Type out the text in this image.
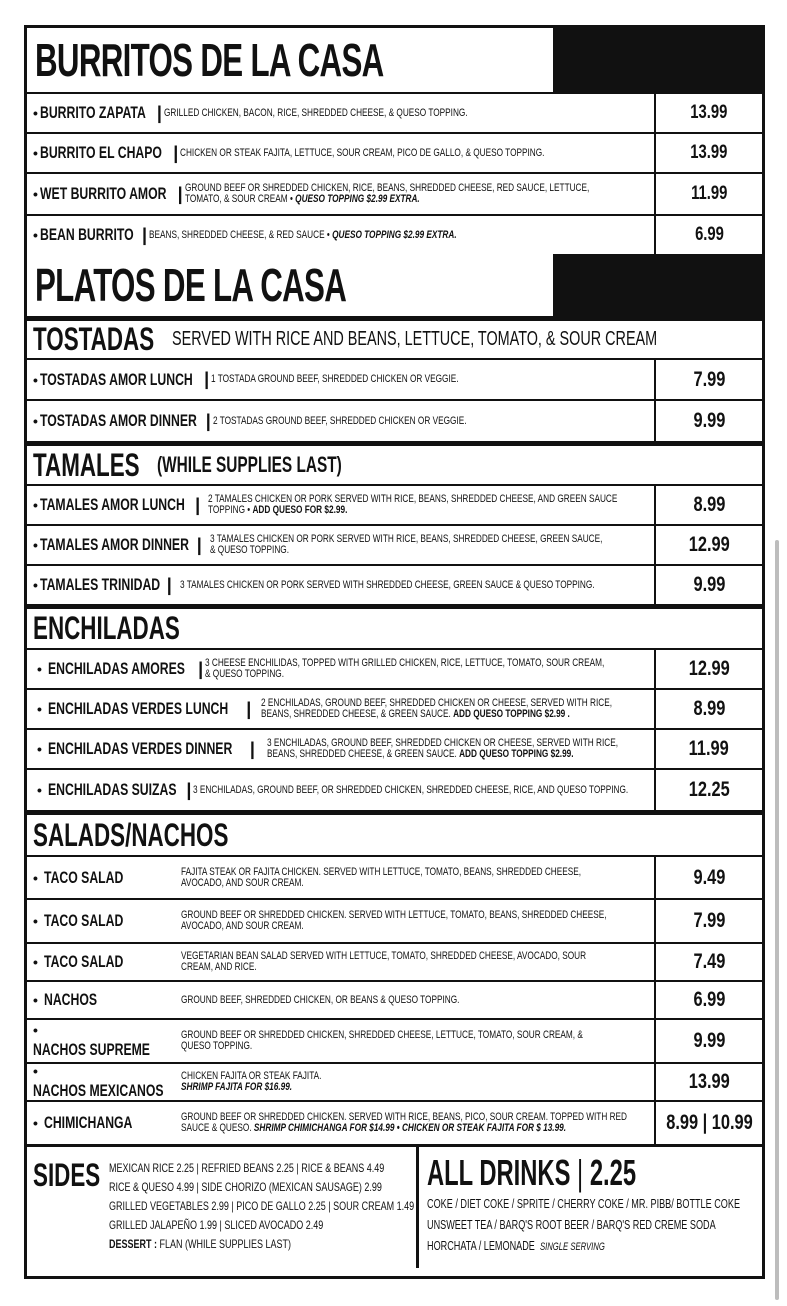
BURRITOS DE LA CASA
• BURRITO ZAPATA | GRILLED CHICKEN, BACON, RICE, SHREDDED CHEESE, & QUESO TOPPING.	13.99
• BURRITO EL CHAPO | CHICKEN OR STEAK FAJITA, LETTUCE, SOUR CREAM, PICO DE GALLO, & QUESO TOPPING.	13.99
• WET BURRITO AMOR | GROUND BEEF OR SHREDDED CHICKEN, RICE, BEANS, SHREDDED CHEESE, RED SAUCE, LETTUCE,
TOMATO, & SOUR CREAM • QUESO TOPPING $2.99 EXTRA.	11.99
• BEAN BURRITO | BEANS, SHREDDED CHEESE, & RED SAUCE • QUESO TOPPING $2.99 EXTRA.	6.99
PLATOS DE LA CASA
TOSTADAS SERVED WITH RICE AND BEANS, LETTUCE, TOMATO, & SOUR CREAM
• TOSTADAS AMOR LUNCH | 1 TOSTADA GROUND BEEF, SHREDDED CHICKEN OR VEGGIE.	7.99
• TOSTADAS AMOR DINNER | 2 TOSTADAS GROUND BEEF, SHREDDED CHICKEN OR VEGGIE.	9.99
TAMALES (WHILE SUPPLIES LAST)
• TAMALES AMOR LUNCH | 2 TAMALES CHICKEN OR PORK SERVED WITH RICE, BEANS, SHREDDED CHEESE, AND GREEN SAUCE
TOPPING • ADD QUESO FOR $2.99.	8.99
• TAMALES AMOR DINNER | 3 TAMALES CHICKEN OR PORK SERVED WITH RICE, BEANS, SHREDDED CHEESE, GREEN SAUCE,
& QUESO TOPPING.	12.99
• TAMALES TRINIDAD | 3 TAMALES CHICKEN OR PORK SERVED WITH SHREDDED CHEESE, GREEN SAUCE & QUESO TOPPING.	9.99
ENCHILADAS
• ENCHILADAS AMORES | 3 CHEESE ENCHILIDAS, TOPPED WITH GRILLED CHICKEN, RICE, LETTUCE, TOMATO, SOUR CREAM,
& QUESO TOPPING.	12.99
• ENCHILADAS VERDES LUNCH | 2 ENCHILADAS, GROUND BEEF, SHREDDED CHICKEN OR CHEESE, SERVED WITH RICE,
BEANS, SHREDDED CHEESE, & GREEN SAUCE. ADD QUESO TOPPING $2.99 .	8.99
• ENCHILADAS VERDES DINNER | 3 ENCHILADAS, GROUND BEEF, SHREDDED CHICKEN OR CHEESE, SERVED WITH RICE,
BEANS, SHREDDED CHEESE, & GREEN SAUCE. ADD QUESO TOPPING $2.99.	11.99
• ENCHILADAS SUIZAS | 3 ENCHILADAS, GROUND BEEF, OR SHREDDED CHICKEN, SHREDDED CHEESE, RICE, AND QUESO TOPPING.	12.25
SALADS/NACHOS
• TACO SALAD	FAJITA STEAK OR FAJITA CHICKEN. SERVED WITH LETTUCE, TOMATO, BEANS, SHREDDED CHEESE,
AVOCADO, AND SOUR CREAM.	9.49
• TACO SALAD	GROUND BEEF OR SHREDDED CHICKEN. SERVED WITH LETTUCE, TOMATO, BEANS, SHREDDED CHEESE,
AVOCADO, AND SOUR CREAM.	7.99
• TACO SALAD	VEGETARIAN BEAN SALAD SERVED WITH LETTUCE, TOMATO, SHREDDED CHEESE, AVOCADO, SOUR
CREAM, AND RICE.	7.49
• NACHOS	GROUND BEEF, SHREDDED CHICKEN, OR BEANS & QUESO TOPPING.	6.99
• NACHOS SUPREME
GROUND BEEF OR SHREDDED CHICKEN, SHREDDED CHEESE, LETTUCE, TOMATO, SOUR CREAM, &
QUESO TOPPING.	9.99
• NACHOS MEXICANOS
CHICKEN FAJITA OR STEAK FAJITA.
SHRIMP FAJITA FOR $16.99.	13.99
• CHIMICHANGA	GROUND BEEF OR SHREDDED CHICKEN. SERVED WITH RICE, BEANS, PICO, SOUR CREAM. TOPPED WITH RED
SAUCE & QUESO. SHRIMP CHIMICHANGA FOR $14.99 • CHICKEN OR STEAK FAJITA FOR $ 13.99.	8.99 | 10.99
SIDES MEXICAN RICE 2.25 | REFRIED BEANS 2.25 | RICE & BEANS 4.49
RICE & QUESO 4.99 | SIDE CHORIZO (MEXICAN SAUSAGE) 2.99
GRILLED VEGETABLES 2.99 | PICO DE GALLO 2.25 | SOUR CREAM 1.49
GRILLED JALAPEÑO 1.99 | SLICED AVOCADO 2.49
DESSERT : FLAN (WHILE SUPPLIES LAST)
ALL DRINKS | 2.25
COKE / DIET COKE / SPRITE / CHERRY COKE / MR. PIBB/ BOTTLE COKE
UNSWEET TEA / BARQ'S ROOT BEER / BARQ'S RED CREME SODA
HORCHATA / LEMONADE SINGLE SERVING
